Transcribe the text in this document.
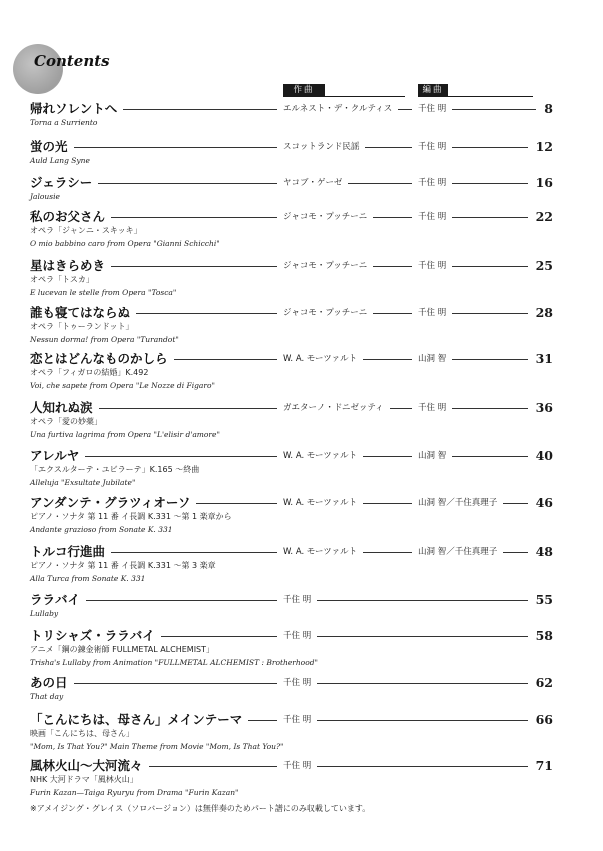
Contents
作曲	編曲
帰れソレントへ	エルネスト・デ・クルティス	千住 明	8
Torna a Surriento
蛍の光	スコットランド民謡	千住 明	12
Auld Lang Syne
ジェラシー	ヤコブ・ゲーゼ	千住 明	16
Jalousie
私のお父さん	ジャコモ・プッチーニ	千住 明	22
オペラ「ジャンニ・スキッキ」
O mio babbino caro from Opera "Gianni Schicchi"
星はきらめき	ジャコモ・プッチーニ	千住 明	25
オペラ「トスカ」
E lucevan le stelle from Opera "Tosca"
誰も寝てはならぬ	ジャコモ・プッチーニ	千住 明	28
オペラ「トゥーランドット」
Nessun dorma! from Opera "Turandot"
恋とはどんなものかしら	W. A. モーツァルト	山洞 智	31
オペラ「フィガロの結婚」K.492
Voi, che sapete from Opera "Le Nozze di Figaro"
人知れぬ涙	ガエターノ・ドニゼッティ	千住 明	36
オペラ「愛の妙薬」
Una furtiva lagrima from Opera "L'elisir d'amore"
アレルヤ	W. A. モーツァルト	山洞 智	40
「エクスルターテ・ユビラーテ」K.165 〜終曲
Alleluja "Exsultate Jubilate"
アンダンテ・グラツィオーソ	W. A. モーツァルト	山洞 智／千住真理子	46
ピアノ・ソナタ 第 11 番 イ長調 K.331 〜第 1 楽章から
Andante grazioso from Sonate K. 331
トルコ行進曲	W. A. モーツァルト	山洞 智／千住真理子	48
ピアノ・ソナタ 第 11 番 イ長調 K.331 〜第 3 楽章
Alla Turca from Sonate K. 331
ララバイ	千住 明	55
Lullaby
トリシャズ・ララバイ	千住 明	58
アニメ「鋼の錬金術師 FULLMETAL ALCHEMIST」
Trisha's Lullaby from Animation "FULLMETAL ALCHEMIST : Brotherhood"
あの日	千住 明	62
That day
「こんにちは、母さん」メインテーマ	千住 明	66
映画「こんにちは、母さん」
"Mom, Is That You?" Main Theme from Movie "Mom, Is That You?"
風林火山〜大河流々	千住 明	71
NHK 大河ドラマ「風林火山」
Furin Kazan—Taiga Ryuryu from Drama "Furin Kazan"
※アメイジング・グレイス（ソロバージョン）は無伴奏のためパート譜にのみ収載しています。
